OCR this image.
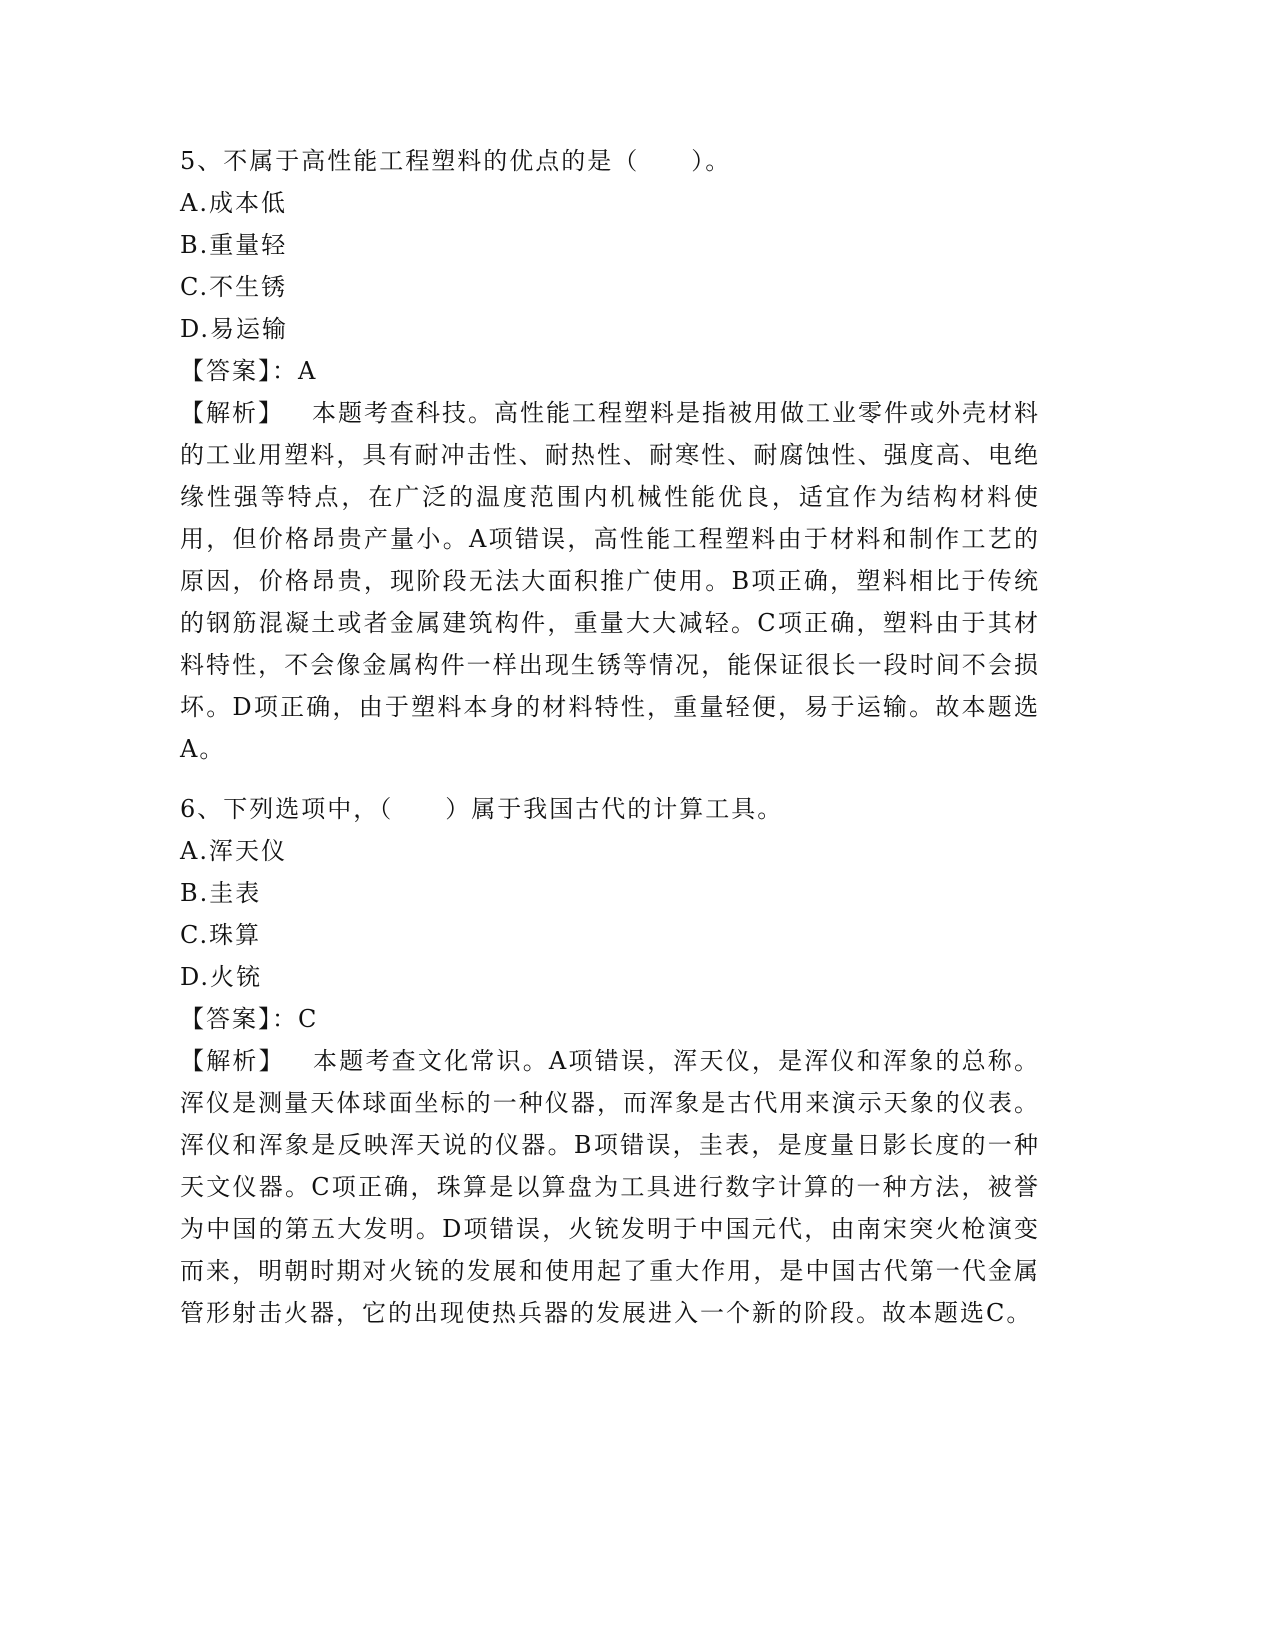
5、不属于高性能工程塑料的优点的是（　　）。
A.成本低
B.重量轻
C.不生锈
D.易运输
【答案】：A

【解析】 本题考查科技。高性能工程塑料是指被用做工业零件或外壳材料的工业用塑料，具有耐冲击性、耐热性、耐寒性、耐腐蚀性、强度高、电绝缘性强等特点，在广泛的温度范围内机械性能优良，适宜作为结构材料使用，但价格昂贵产量小。A项错误，高性能工程塑料由于材料和制作工艺的原因，价格昂贵，现阶段无法大面积推广使用。B项正确，塑料相比于传统的钢筋混凝土或者金属建筑构件，重量大大减轻。C项正确，塑料由于其材料特性，不会像金属构件一样出现生锈等情况，能保证很长一段时间不会损坏。D项正确，由于塑料本身的材料特性，重量轻便，易于运输。故本题选A。

6、下列选项中，（　　）属于我国古代的计算工具。
A.浑天仪
B.圭表
C.珠算
D.火铳
【答案】：C

【解析】 本题考查文化常识。A项错误，浑天仪，是浑仪和浑象的总称。浑仪是测量天体球面坐标的一种仪器，而浑象是古代用来演示天象的仪表。浑仪和浑象是反映浑天说的仪器。B项错误，圭表，是度量日影长度的一种天文仪器。C项正确，珠算是以算盘为工具进行数字计算的一种方法，被誉为中国的第五大发明。D项错误，火铳发明于中国元代，由南宋突火枪演变而来，明朝时期对火铳的发展和使用起了重大作用，是中国古代第一代金属管形射击火器，它的出现使热兵器的发展进入一个新的阶段。故本题选C。
